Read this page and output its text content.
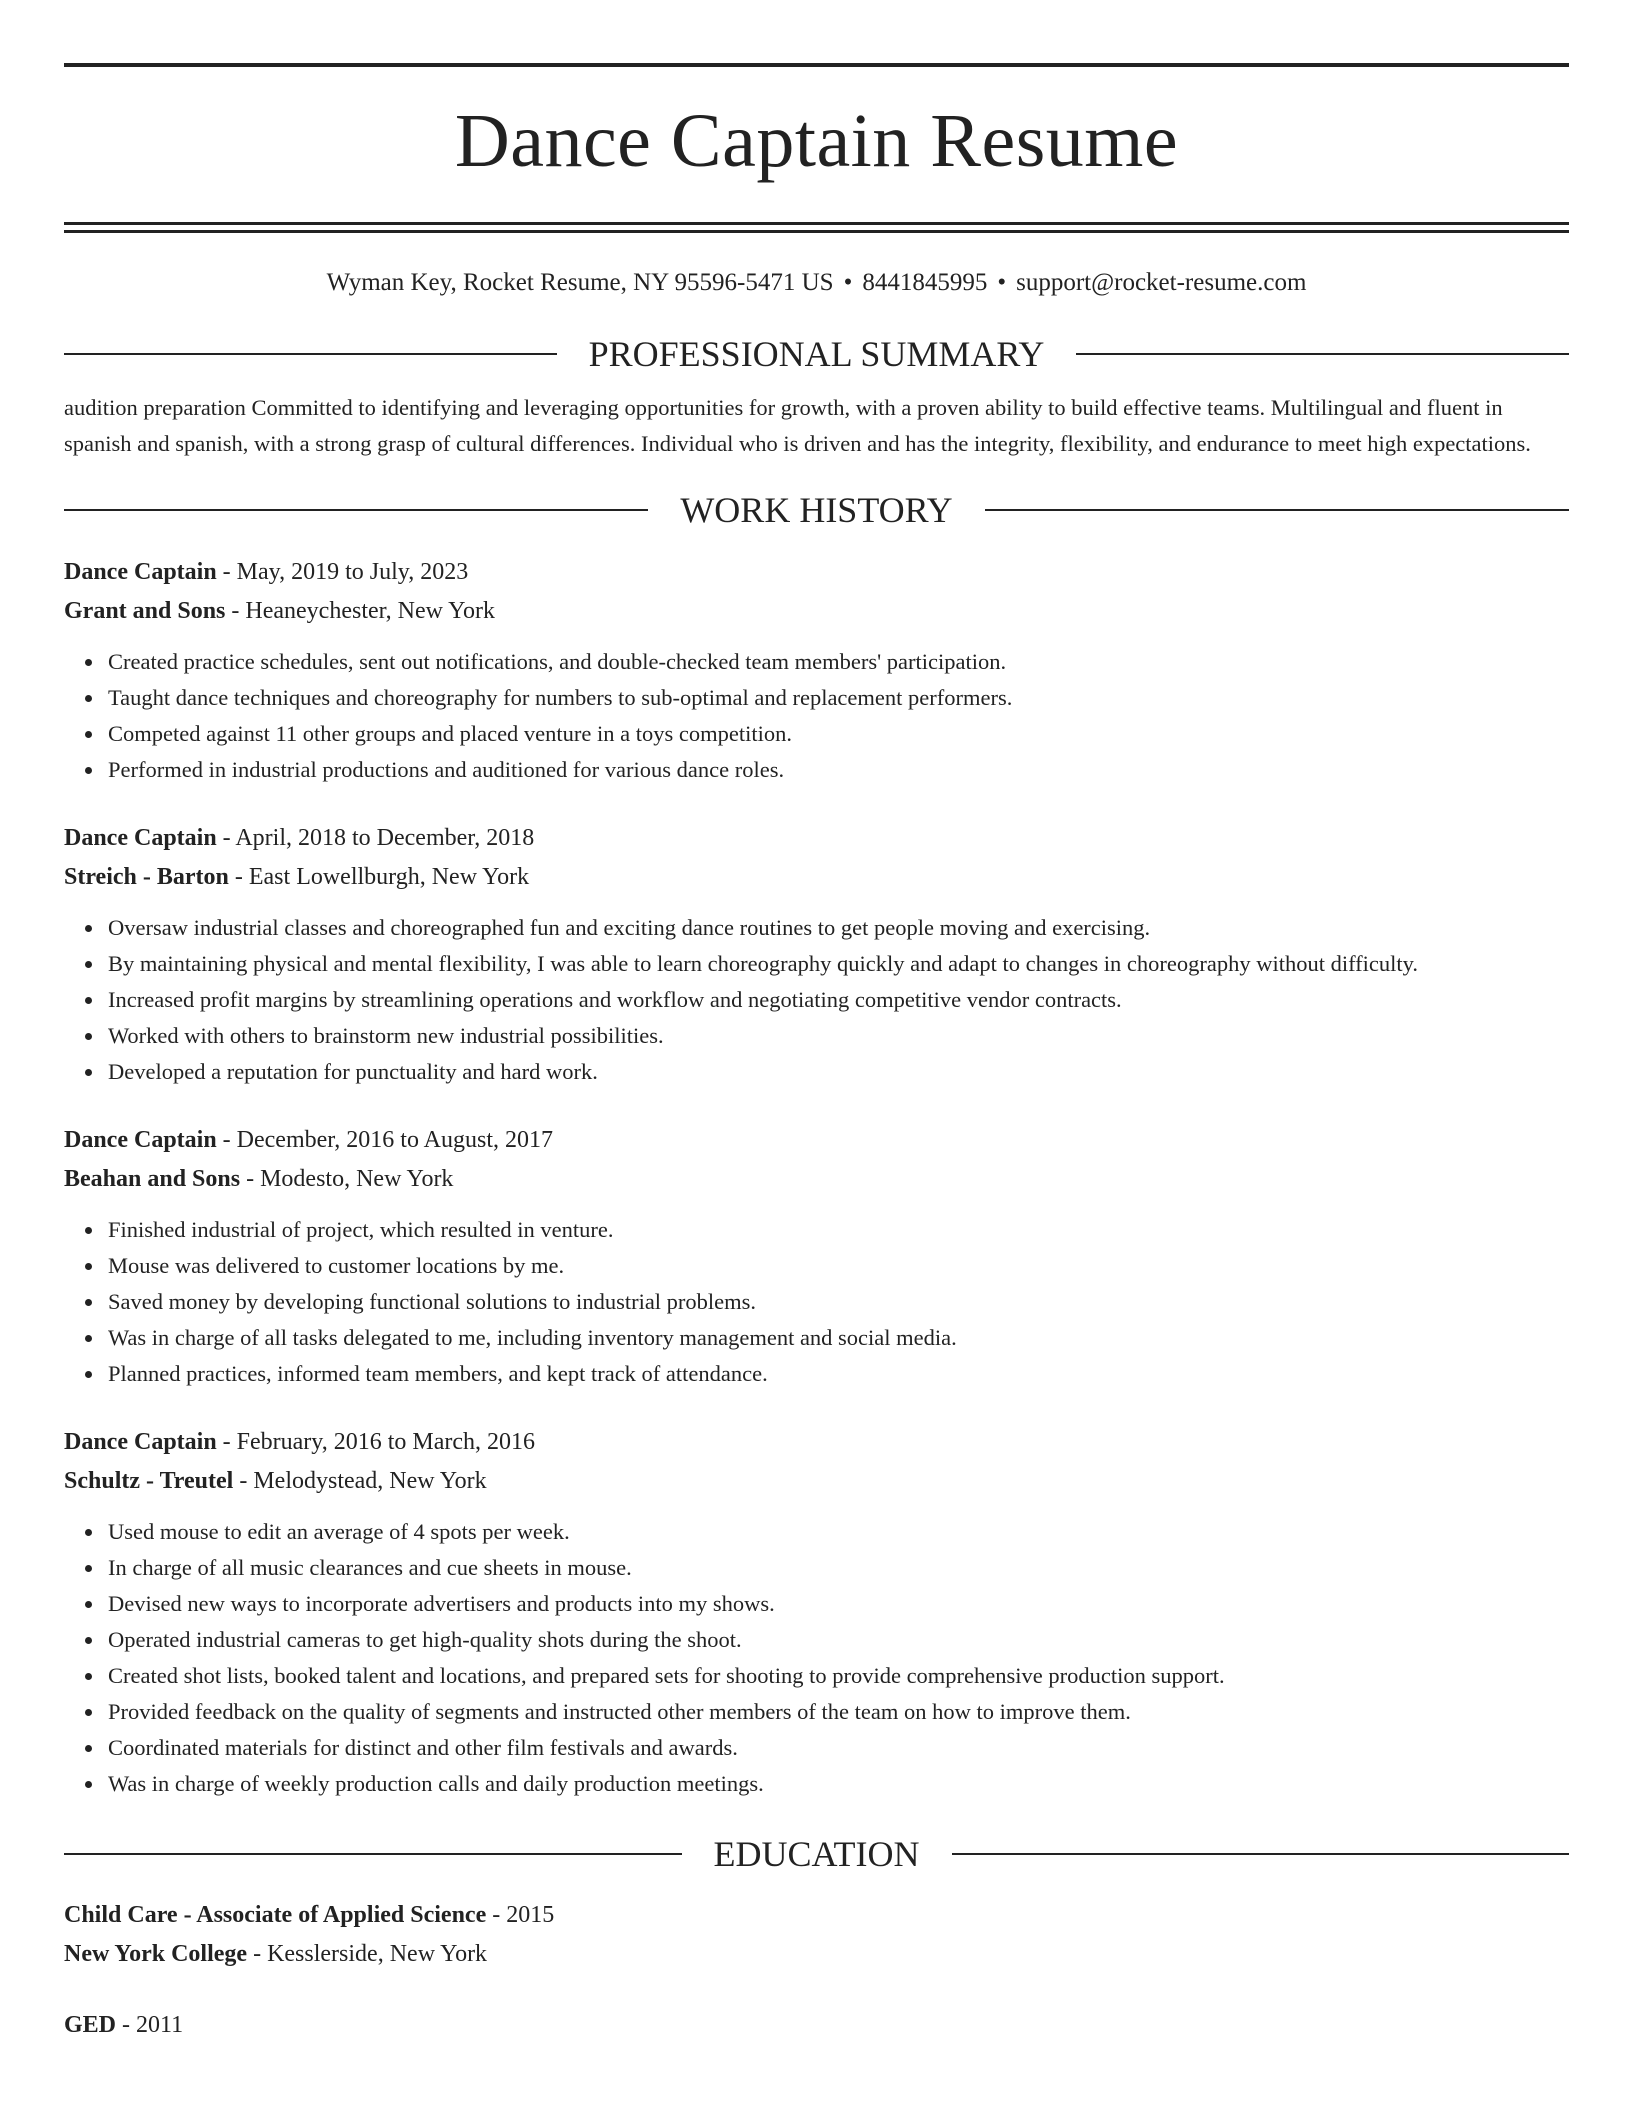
Dance Captain Resume
Wyman Key, Rocket Resume, NY 95596-5471 US • 8441845995 • support@rocket-resume.com
PROFESSIONAL SUMMARY
audition preparation Committed to identifying and leveraging opportunities for growth, with a proven ability to build effective teams. Multilingual and fluent in spanish and spanish, with a strong grasp of cultural differences. Individual who is driven and has the integrity, flexibility, and endurance to meet high expectations.
WORK HISTORY
Dance Captain - May, 2019 to July, 2023
Grant and Sons - Heaneychester, New York
Created practice schedules, sent out notifications, and double-checked team members' participation.
Taught dance techniques and choreography for numbers to sub-optimal and replacement performers.
Competed against 11 other groups and placed venture in a toys competition.
Performed in industrial productions and auditioned for various dance roles.
Dance Captain - April, 2018 to December, 2018
Streich - Barton - East Lowellburgh, New York
Oversaw industrial classes and choreographed fun and exciting dance routines to get people moving and exercising.
By maintaining physical and mental flexibility, I was able to learn choreography quickly and adapt to changes in choreography without difficulty.
Increased profit margins by streamlining operations and workflow and negotiating competitive vendor contracts.
Worked with others to brainstorm new industrial possibilities.
Developed a reputation for punctuality and hard work.
Dance Captain - December, 2016 to August, 2017
Beahan and Sons - Modesto, New York
Finished industrial of project, which resulted in venture.
Mouse was delivered to customer locations by me.
Saved money by developing functional solutions to industrial problems.
Was in charge of all tasks delegated to me, including inventory management and social media.
Planned practices, informed team members, and kept track of attendance.
Dance Captain - February, 2016 to March, 2016
Schultz - Treutel - Melodystead, New York
Used mouse to edit an average of 4 spots per week.
In charge of all music clearances and cue sheets in mouse.
Devised new ways to incorporate advertisers and products into my shows.
Operated industrial cameras to get high-quality shots during the shoot.
Created shot lists, booked talent and locations, and prepared sets for shooting to provide comprehensive production support.
Provided feedback on the quality of segments and instructed other members of the team on how to improve them.
Coordinated materials for distinct and other film festivals and awards.
Was in charge of weekly production calls and daily production meetings.
EDUCATION
Child Care - Associate of Applied Science - 2015
New York College - Kesslerside, New York
GED - 2011
